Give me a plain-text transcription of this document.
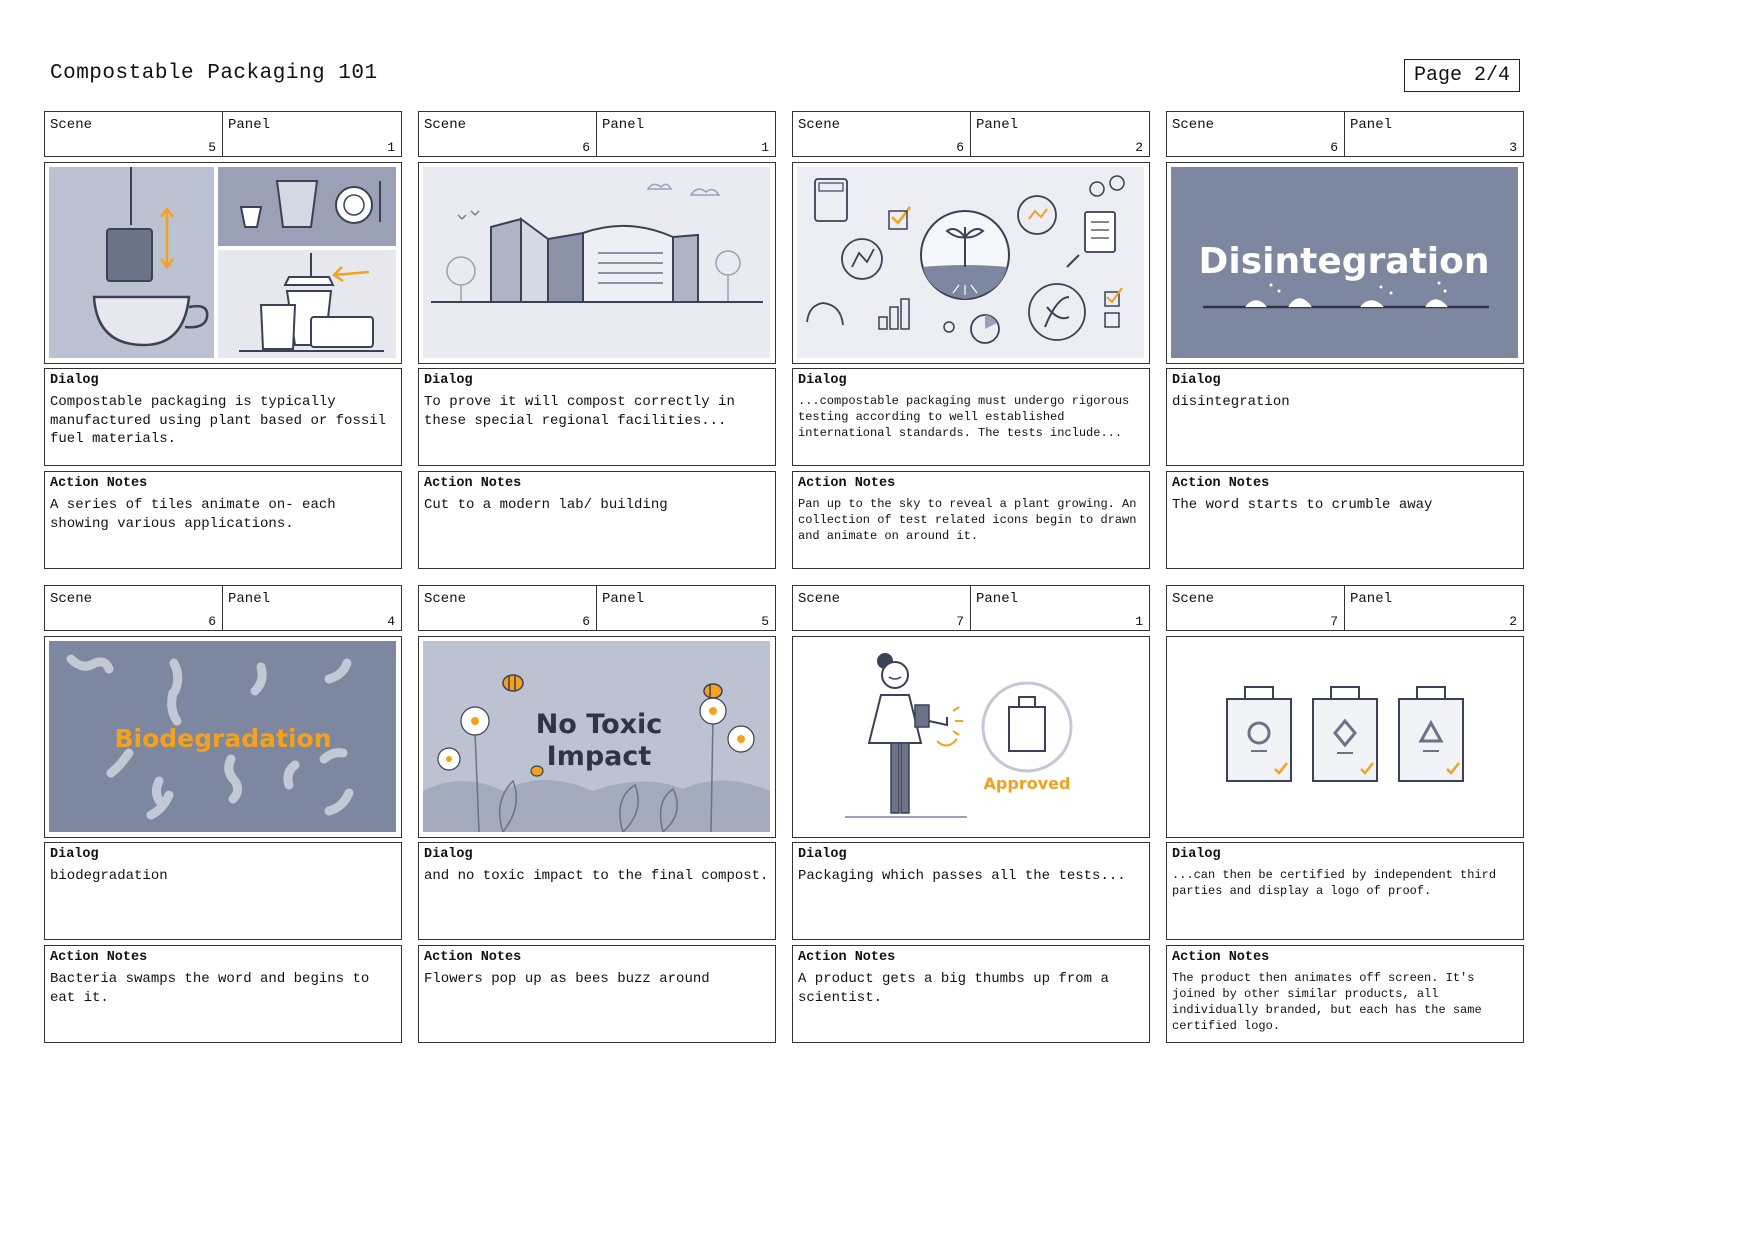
Compostable Packaging 101	Page 2/4
Scene
5
Panel
1
Dialog
Compostable packaging is typically manufactured using plant based or fossil fuel materials.
Action Notes
A series of tiles animate on- each showing various applications.
Scene
6
Panel
1
Dialog
To prove it will compost correctly in these special regional facilities...
Action Notes
Cut to a modern lab/ building
Scene
6
Panel
2
Dialog
...compostable packaging must undergo rigorous testing according to well established international standards. The tests include...
Action Notes
Pan up to the sky to reveal a plant growing. An collection of test related icons begin to drawn and animate on around it.
Scene
6
Panel
3
Disintegration
Dialog
disintegration
Action Notes
The word starts to crumble away
Scene
6
Panel
4
Biodegradation
Dialog
biodegradation
Action Notes
Bacteria swamps the word and begins to eat it.
Scene
6
Panel
5
No Toxic
Impact
Dialog
and no toxic impact to the final compost.
Action Notes
Flowers pop up as bees buzz around
Scene
7
Panel
1
Approved
Dialog
Packaging which passes all the tests...
Action Notes
A product gets a big thumbs up from a scientist.
Scene
7
Panel
2
Dialog
...can then be certified by independent third parties and display a logo of proof.
Action Notes
The product then animates off screen. It's joined by other similar products, all individually branded, but each has the same certified logo.
